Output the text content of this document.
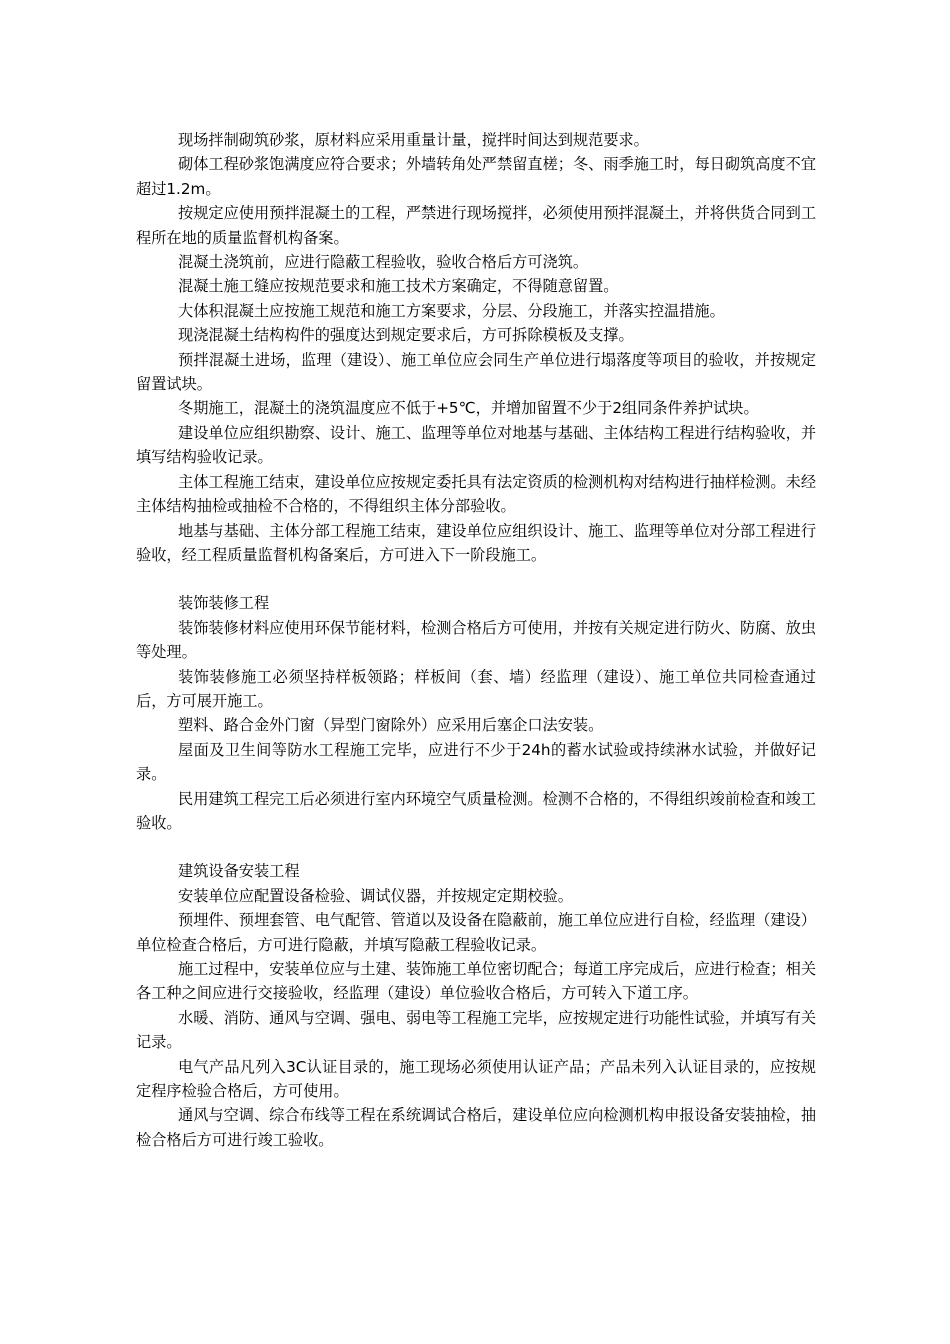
现场拌制砌筑砂浆，原材料应采用重量计量，搅拌时间达到规范要求。

砌体工程砂浆饱满度应符合要求；外墙转角处严禁留直槎；冬、雨季施工时，每日砌筑高度不宜超过1.2m。

按规定应使用预拌混凝土的工程，严禁进行现场搅拌，必须使用预拌混凝土，并将供货合同到工程所在地的质量监督机构备案。

混凝土浇筑前，应进行隐蔽工程验收，验收合格后方可浇筑。

混凝土施工缝应按规范要求和施工技术方案确定，不得随意留置。

大体积混凝土应按施工规范和施工方案要求，分层、分段施工，并落实控温措施。

现浇混凝土结构构件的强度达到规定要求后，方可拆除模板及支撑。

预拌混凝土进场，监理（建设）、施工单位应会同生产单位进行塌落度等项目的验收，并按规定留置试块。

冬期施工，混凝土的浇筑温度应不低于+5℃，并增加留置不少于2组同条件养护试块。

建设单位应组织勘察、设计、施工、监理等单位对地基与基础、主体结构工程进行结构验收，并填写结构验收记录。

主体工程施工结束，建设单位应按规定委托具有法定资质的检测机构对结构进行抽样检测。未经主体结构抽检或抽检不合格的，不得组织主体分部验收。

地基与基础、主体分部工程施工结束，建设单位应组织设计、施工、监理等单位对分部工程进行验收，经工程质量监督机构备案后，方可进入下一阶段施工。

装饰装修工程

装饰装修材料应使用环保节能材料，检测合格后方可使用，并按有关规定进行防火、防腐、放虫等处理。

装饰装修施工必须坚持样板领路；样板间（套、墙）经监理（建设）、施工单位共同检查通过后，方可展开施工。

塑料、路合金外门窗（异型门窗除外）应采用后塞企口法安装。

屋面及卫生间等防水工程施工完毕，应进行不少于24h的蓄水试验或持续淋水试验，并做好记录。

民用建筑工程完工后必须进行室内环境空气质量检测。检测不合格的，不得组织竣前检查和竣工验收。

建筑设备安装工程

安装单位应配置设备检验、调试仪器，并按规定定期校验。

预埋件、预埋套管、电气配管、管道以及设备在隐蔽前，施工单位应进行自检，经监理（建设）单位检查合格后，方可进行隐蔽，并填写隐蔽工程验收记录。

施工过程中，安装单位应与土建、装饰施工单位密切配合；每道工序完成后，应进行检查；相关各工种之间应进行交接验收，经监理（建设）单位验收合格后，方可转入下道工序。

水暖、消防、通风与空调、强电、弱电等工程施工完毕，应按规定进行功能性试验，并填写有关记录。

电气产品凡列入3C认证目录的，施工现场必须使用认证产品；产品未列入认证目录的，应按规定程序检验合格后，方可使用。

通风与空调、综合布线等工程在系统调试合格后，建设单位应向检测机构申报设备安装抽检，抽检合格后方可进行竣工验收。
